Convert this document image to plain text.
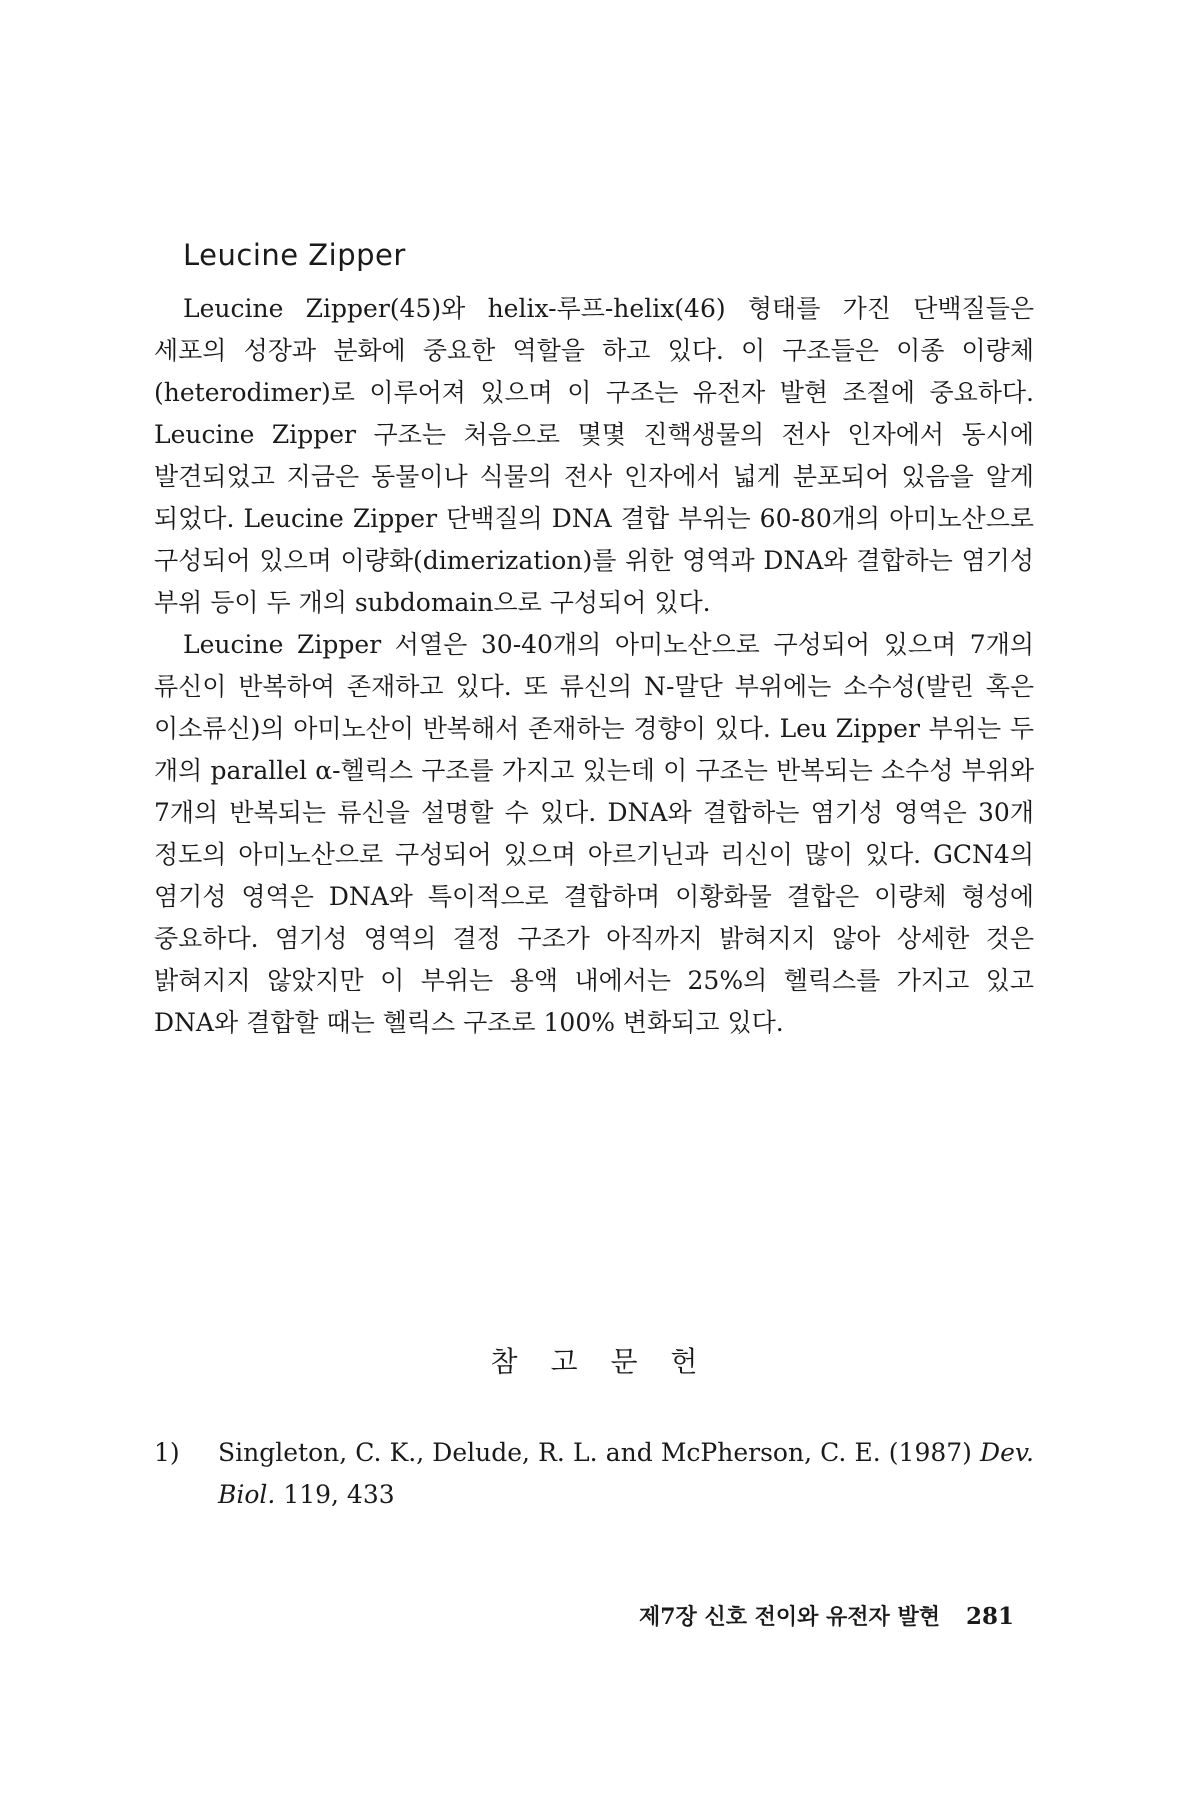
Leucine Zipper

Leucine Zipper(45)와 helix-루프-helix(46) 형태를 가진 단백질들은 세포의 성장과 분화에 중요한 역할을 하고 있다. 이 구조들은 이종 이량체(heterodimer)로 이루어져 있으며 이 구조는 유전자 발현 조절에 중요하다. Leucine Zipper 구조는 처음으로 몇몇 진핵생물의 전사 인자에서 동시에 발견되었고 지금은 동물이나 식물의 전사 인자에서 넓게 분포되어 있음을 알게 되었다. Leucine Zipper 단백질의 DNA 결합 부위는 60-80개의 아미노산으로 구성되어 있으며 이량화(dimerization)를 위한 영역과 DNA와 결합하는 염기성 부위 등이 두 개의 subdomain으로 구성되어 있다.

Leucine Zipper 서열은 30-40개의 아미노산으로 구성되어 있으며 7개의 류신이 반복하여 존재하고 있다. 또 류신의 N-말단 부위에는 소수성(발린 혹은 이소류신)의 아미노산이 반복해서 존재하는 경향이 있다. Leu Zipper 부위는 두 개의 parallel α-헬릭스 구조를 가지고 있는데 이 구조는 반복되는 소수성 부위와 7개의 반복되는 류신을 설명할 수 있다. DNA와 결합하는 염기성 영역은 30개 정도의 아미노산으로 구성되어 있으며 아르기닌과 리신이 많이 있다. GCN4의 염기성 영역은 DNA와 특이적으로 결합하며 이황화물 결합은 이량체 형성에 중요하다. 염기성 영역의 결정 구조가 아직까지 밝혀지지 않아 상세한 것은 밝혀지지 않았지만 이 부위는 용액 내에서는 25%의 헬릭스를 가지고 있고 DNA와 결합할 때는 헬릭스 구조로 100% 변화되고 있다.

참 고 문 헌
1)	Singleton, C. K., Delude, R. L. and McPherson, C. E. (1987) Dev. Biol. 119, 433
제7장 신호 전이와 유전자 발현 281
